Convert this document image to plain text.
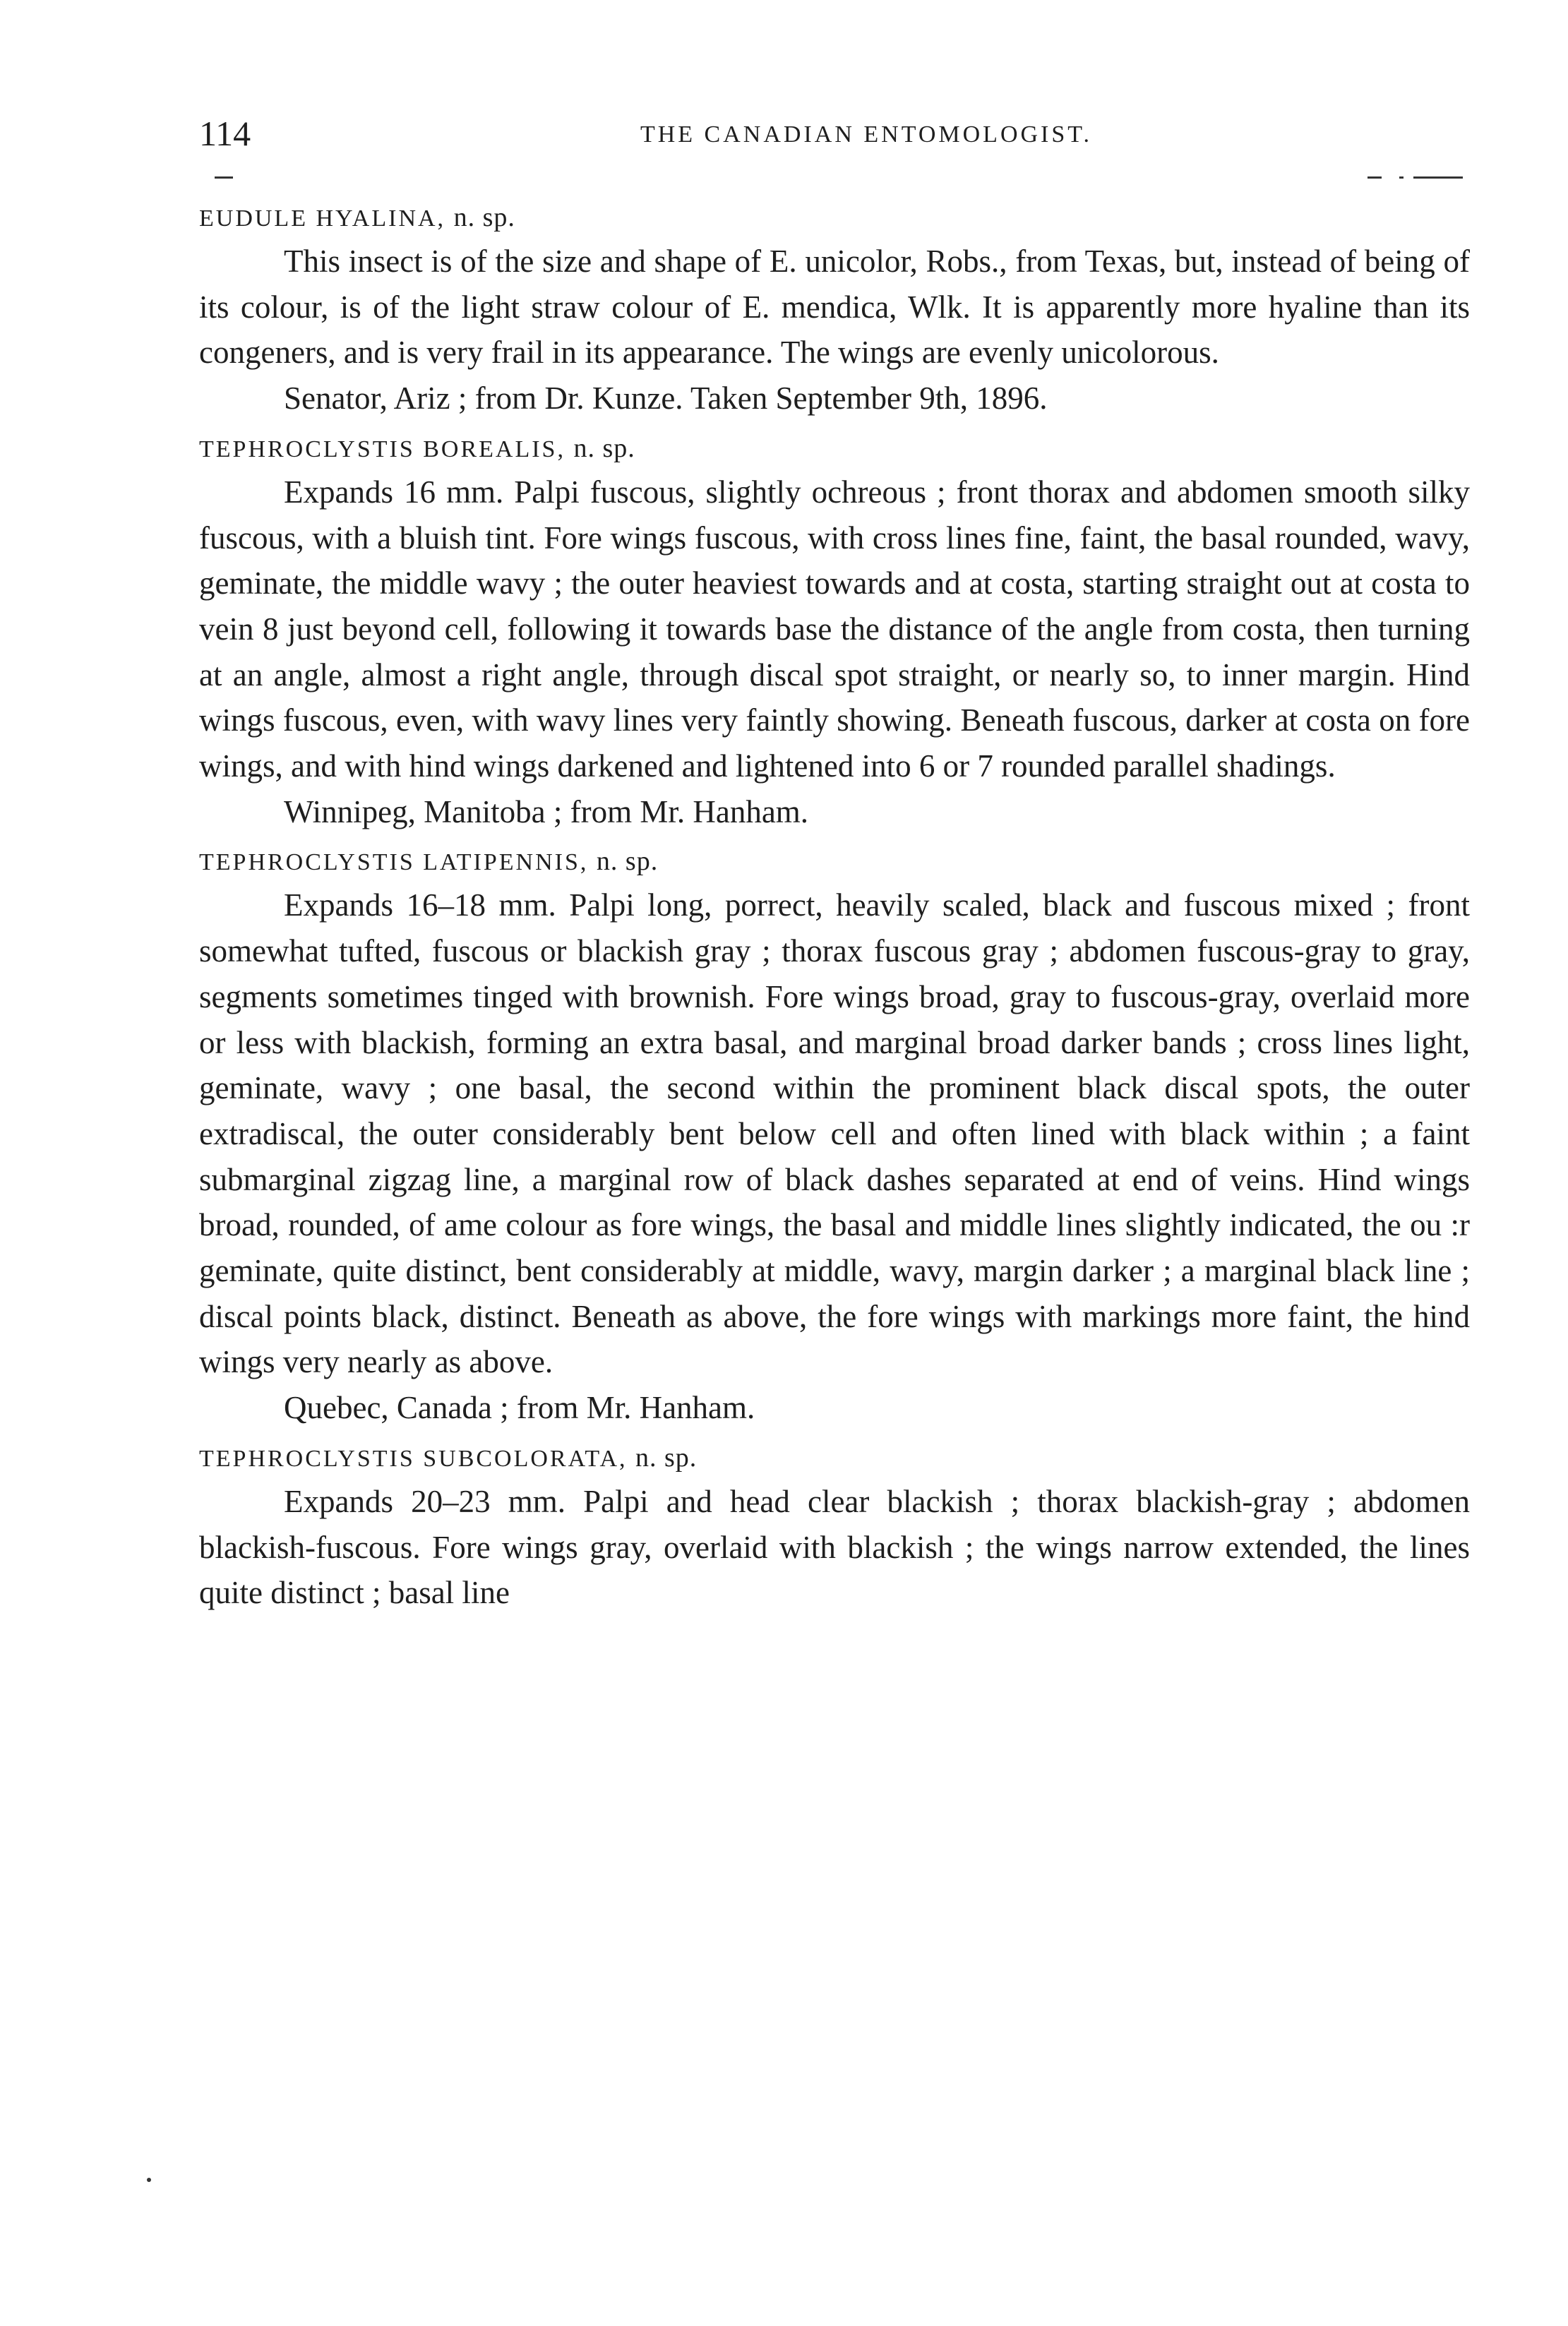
114	THE CANADIAN ENTOMOLOGIST.

EUDULE HYALINA, n. sp.

This insect is of the size and shape of E. unicolor, Robs., from Texas, but, instead of being of its colour, is of the light straw colour of E. mendica, Wlk. It is apparently more hyaline than its congeners, and is very frail in its appearance. The wings are evenly unicolorous.

Senator, Ariz ; from Dr. Kunze. Taken September 9th, 1896.

TEPHROCLYSTIS BOREALIS, n. sp.

Expands 16 mm. Palpi fuscous, slightly ochreous ; front thorax and abdomen smooth silky fuscous, with a bluish tint. Fore wings fuscous, with cross lines fine, faint, the basal rounded, wavy, geminate, the middle wavy ; the outer heaviest towards and at costa, starting straight out at costa to vein 8 just beyond cell, following it towards base the distance of the angle from costa, then turning at an angle, almost a right angle, through discal spot straight, or nearly so, to inner margin. Hind wings fuscous, even, with wavy lines very faintly showing. Beneath fuscous, darker at costa on fore wings, and with hind wings darkened and lightened into 6 or 7 rounded parallel shadings.

Winnipeg, Manitoba ; from Mr. Hanham.

TEPHROCLYSTIS LATIPENNIS, n. sp.

Expands 16–18 mm. Palpi long, porrect, heavily scaled, black and fuscous mixed ; front somewhat tufted, fuscous or blackish gray ; thorax fuscous gray ; abdomen fuscous-gray to gray, segments sometimes tinged with brownish. Fore wings broad, gray to fuscous-gray, overlaid more or less with blackish, forming an extra basal, and marginal broad darker bands ; cross lines light, geminate, wavy ; one basal, the second within the prominent black discal spots, the outer extradiscal, the outer considerably bent below cell and often lined with black within ; a faint submarginal zigzag line, a marginal row of black dashes separated at end of veins. Hind wings broad, rounded, of ame colour as fore wings, the basal and middle lines slightly indicated, the ou :r geminate, quite distinct, bent considerably at middle, wavy, margin darker ; a marginal black line ; discal points black, distinct. Beneath as above, the fore wings with markings more faint, the hind wings very nearly as above.

Quebec, Canada ; from Mr. Hanham.

TEPHROCLYSTIS SUBCOLORATA, n. sp.

Expands 20–23 mm. Palpi and head clear blackish ; thorax blackish-gray ; abdomen blackish-fuscous. Fore wings gray, overlaid with blackish ; the wings narrow extended, the lines quite distinct ; basal line
